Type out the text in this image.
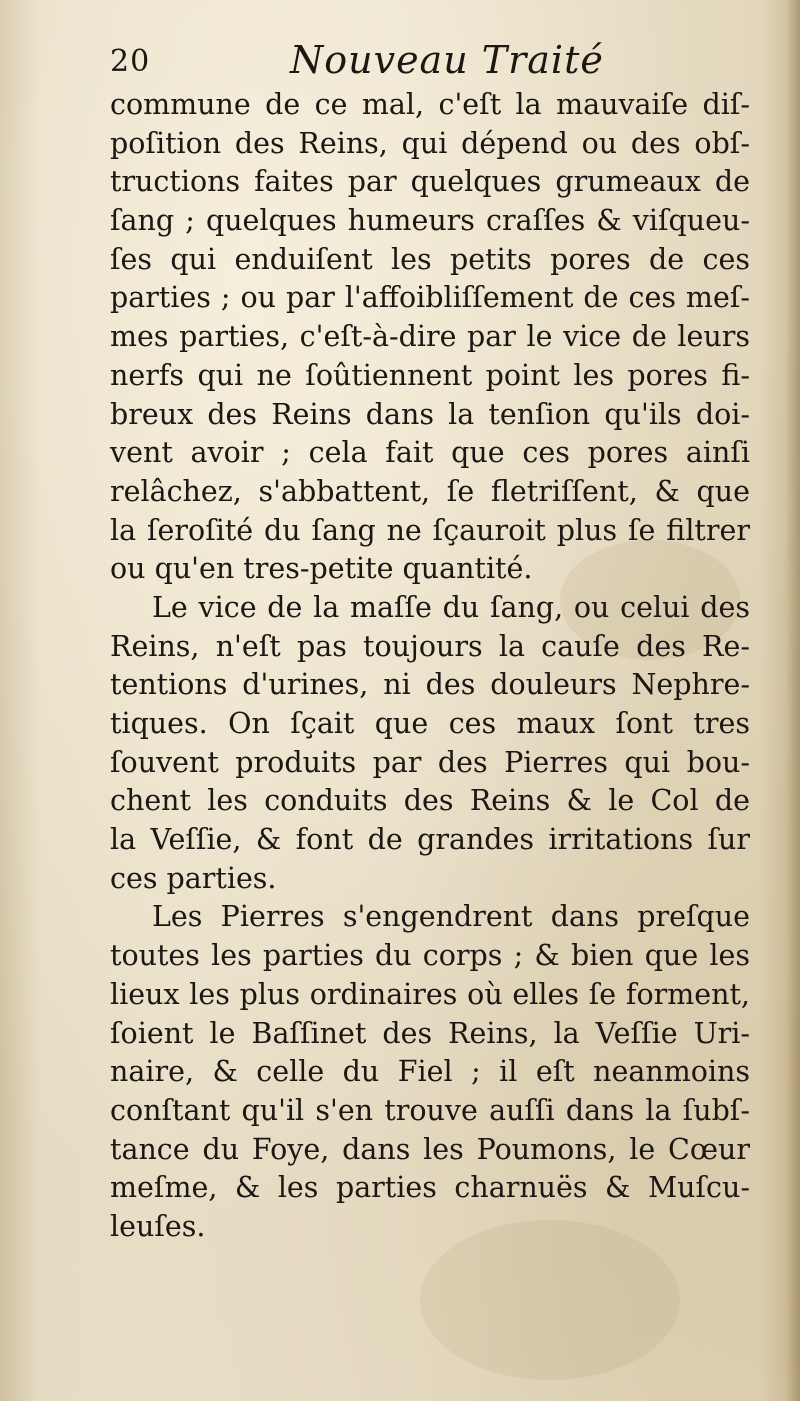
20	Nouveau Traité
commune de ce mal, c'eſt la mauvaiſe diſ-
poſition des Reins, qui dépend ou des obſ-
tructions faites par quelques grumeaux de
ſang ; quelques humeurs craſſes & viſqueu-
ſes qui enduiſent les petits pores de ces
parties ; ou par l'affoibliſſement de ces meſ-
mes parties, c'eſt-à-dire par le vice de leurs
nerfs qui ne ſoûtiennent point les pores fi-
breux des Reins dans la tenſion qu'ils doi-
vent avoir ; cela fait que ces pores ainſi
relâchez, s'abbattent, ſe fletriſſent, & que
la ſeroſité du ſang ne ſçauroit plus ſe filtrer
ou qu'en tres-petite quantité.
Le vice de la maſſe du ſang, ou celui des
Reins, n'eſt pas toujours la cauſe des Re-
tentions d'urines, ni des douleurs Nephre-
tiques. On ſçait que ces maux ſont tres
ſouvent produits par des Pierres qui bou-
chent les conduits des Reins & le Col de
la Veſſie, & font de grandes irritations ſur
ces parties.
Les Pierres s'engendrent dans preſque
toutes les parties du corps ; & bien que les
lieux les plus ordinaires où elles ſe forment,
ſoient le Baſſinet des Reins, la Veſſie Uri-
naire, & celle du Fiel ; il eſt neanmoins
conſtant qu'il s'en trouve auſſi dans la ſubſ-
tance du Foye, dans les Poumons, le Cœur
meſme, & les parties charnuës & Muſcu-
leuſes.
